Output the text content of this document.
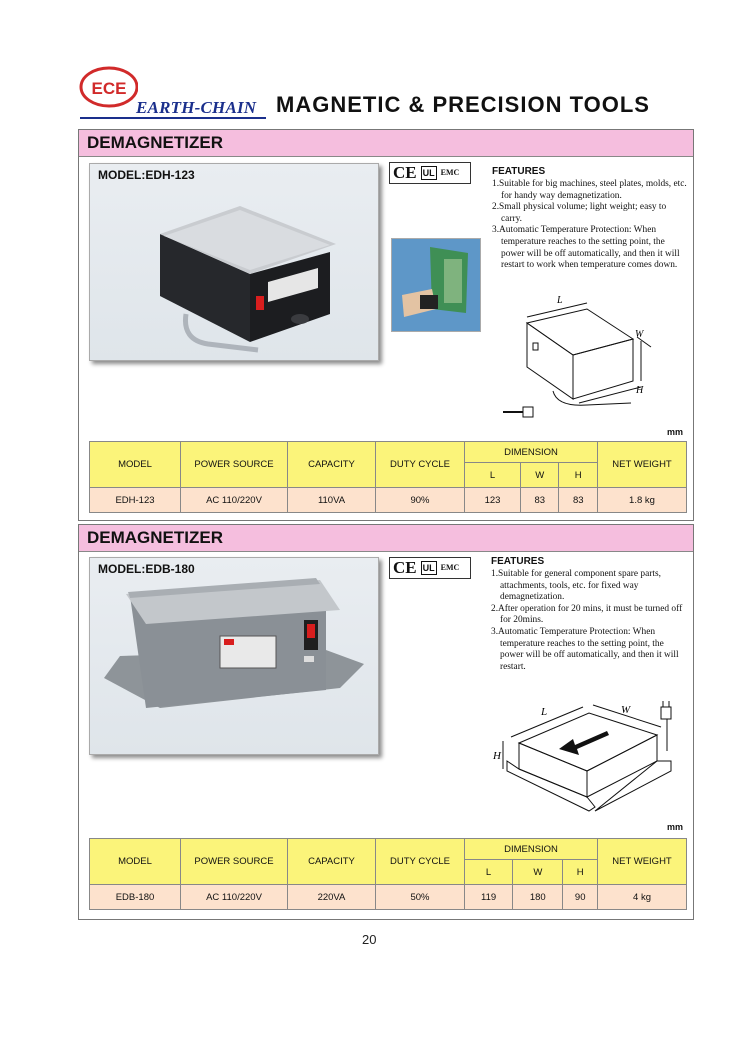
ECE
EARTH-CHAIN MAGNETIC & PRECISION TOOLS
DEMAGNETIZER
MODEL:EDH-123	CE UL EMC	FEATURES
1.Suitable for big machines, steel plates, molds, etc. for handy way demagnetization.
2.Small physical volume; light weight; easy to carry.
3.Automatic Temperature Protection: When temperature reaches to the setting point, the power will be off automatically, and then it will restart to work when temperature comes down.
L
W
H
mm
MODEL	POWER SOURCE	CAPACITY	DUTY CYCLE	DIMENSION			NET WEIGHT
				L	W	H	
EDH-123	AC 110/220V	110VA	90%	123	83	83	1.8 kg
DEMAGNETIZER
MODEL:EDB-180	CE UL EMC
FEATURES
1.Suitable for general component spare parts, attachments, tools, etc. for fixed way demagnetization.
2.After operation for 20 mins, it must be turned off for 20mins.
3.Automatic Temperature Protection: When temperature reaches to the setting point, the power will be off automatically, and then it will restart.
L	W
H
mm
MODEL	POWER SOURCE	CAPACITY	DUTY CYCLE	DIMENSION			NET WEIGHT
				L	W	H	
EDB-180	AC 110/220V	220VA	50%	119	180	90	4 kg
20
